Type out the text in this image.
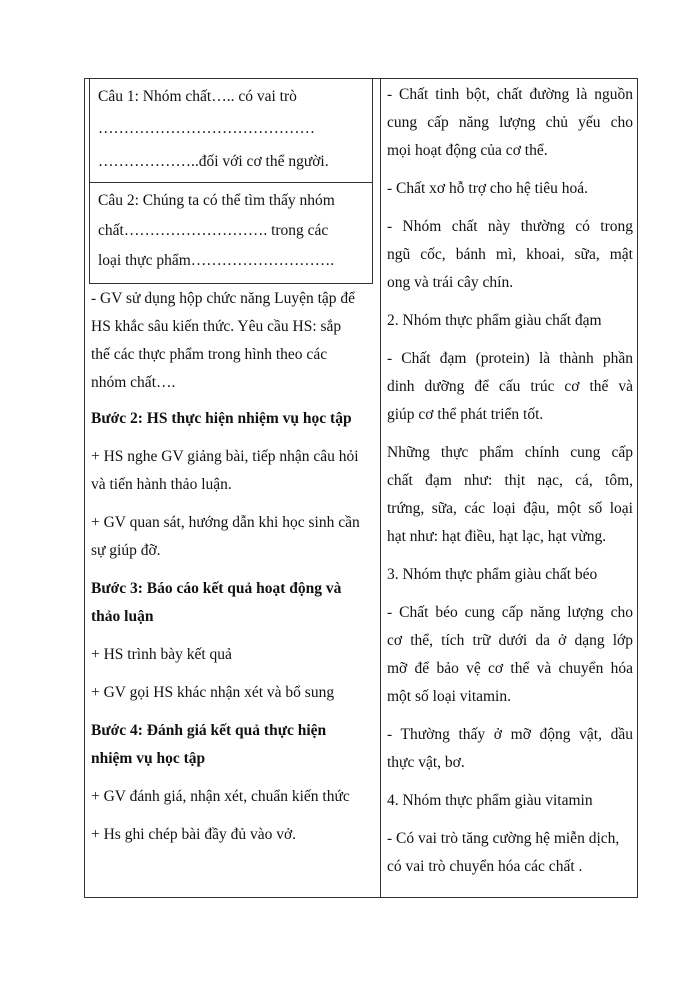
Câu 1: Nhóm chất….. có vai trò
……………………………………
………………..đối với cơ thể người.
Câu 2: Chúng ta có thể tìm thấy nhóm
chất………………………. trong các
loại thực phẩm……………………….
- GV sử dụng hộp chức năng Luyện tập để
HS khắc sâu kiến thức. Yêu cầu HS: sắp
thế các thực phẩm trong hình theo các
nhóm chất….
Bước 2: HS thực hiện nhiệm vụ học tập
+ HS nghe GV giảng bài, tiếp nhận câu hỏi
và tiến hành thảo luận.
+ GV quan sát, hướng dẫn khi học sinh cần
sự giúp đỡ.
Bước 3: Báo cáo kết quả hoạt động và
thảo luận
+ HS trình bày kết quả
+ GV gọi HS khác nhận xét và bổ sung
Bước 4: Đánh giá kết quả thực hiện
nhiệm vụ học tập
+ GV đánh giá, nhận xét, chuẩn kiến thức
+ Hs ghi chép bài đầy đủ vào vở.
- Chất tinh bột, chất đường là nguồn
cung cấp năng lượng chủ yếu cho
mọi hoạt động của cơ thể.
- Chất xơ hỗ trợ cho hệ tiêu hoá.
- Nhóm chất này thường có trong
ngũ cốc, bánh mì, khoai, sữa, mật
ong và trái cây chín.
2. Nhóm thực phẩm giàu chất đạm
- Chất đạm (protein) là thành phần
dinh dưỡng để cấu trúc cơ thể và
giúp cơ thể phát triển tốt.
Những thực phẩm chính cung cấp
chất đạm như: thịt nạc, cá, tôm,
trứng, sữa, các loại đậu, một số loại
hạt như: hạt điều, hạt lạc, hạt vừng.
3. Nhóm thực phẩm giàu chất béo
- Chất béo cung cấp năng lượng cho
cơ thể, tích trữ dưới da ở dạng lớp
mỡ để bảo vệ cơ thể và chuyển hóa
một số loại vitamin.
- Thường thấy ở mỡ động vật, dầu
thực vật, bơ.
4. Nhóm thực phẩm giàu vitamin
- Có vai trò tăng cường hệ miễn dịch,
có vai trò chuyển hóa các chất .
